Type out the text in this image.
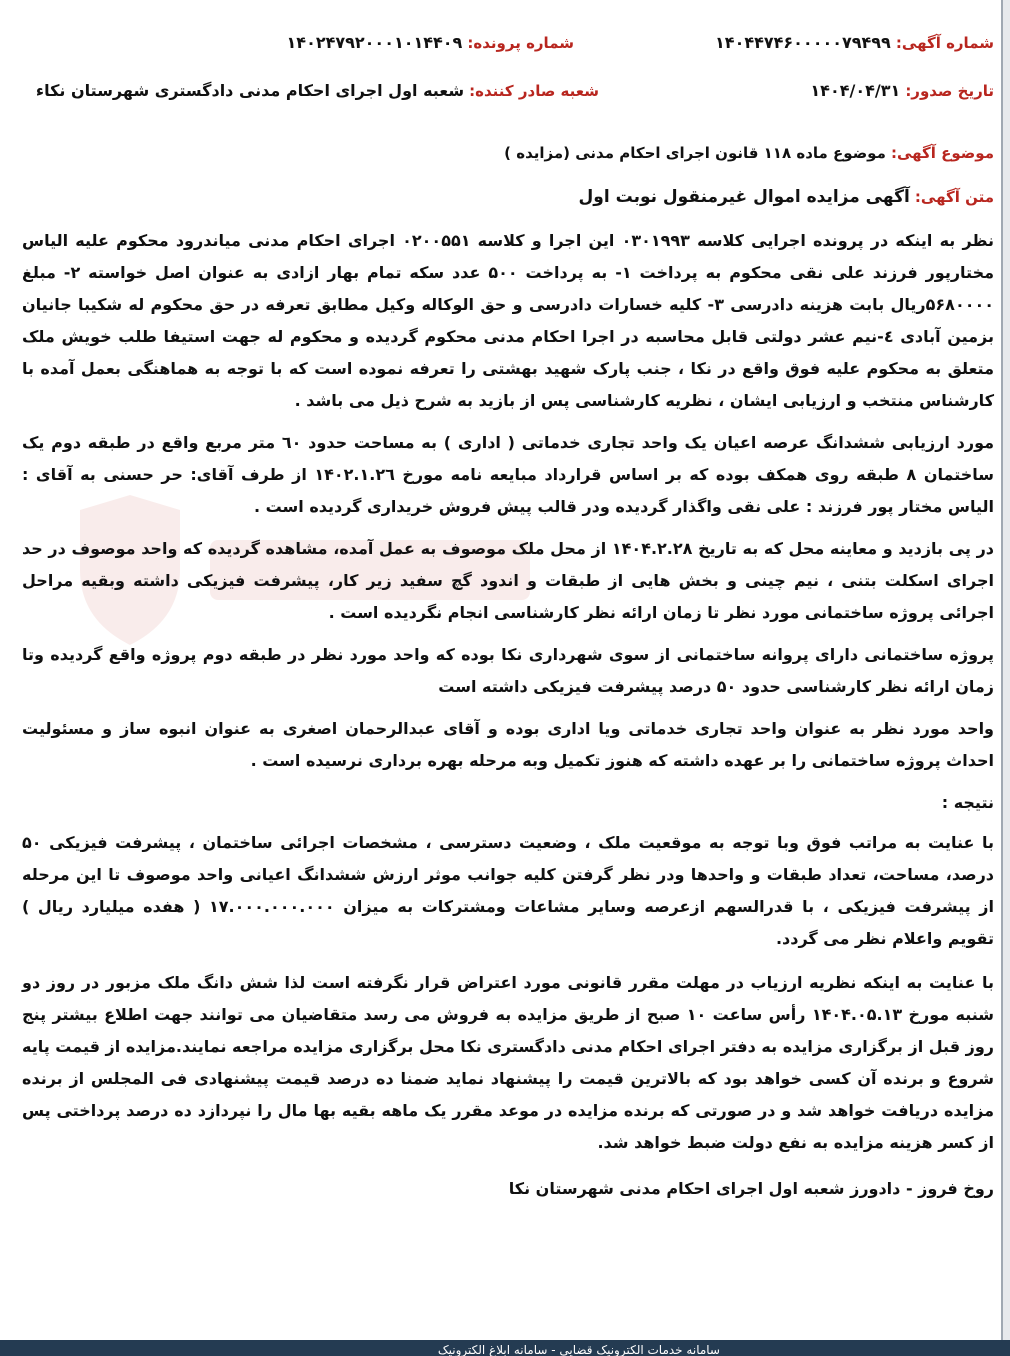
شماره آگهی: ۱۴۰۴۴۷۴۶۰۰۰۰۰۷۹۴۹۹
شماره پرونده: ۱۴۰۲۴۷۹۲۰۰۰۱۰۱۴۴۰۹
تاریخ صدور: ۱۴۰۴/۰۴/۳۱
شعبه صادر کننده: شعبه اول اجرای احکام مدنی دادگستری شهرستان نکاء
موضوع آگهی: موضوع ماده ۱۱۸ قانون اجرای احکام مدنی (مزایده )
متن آگهی: آگهی مزایده اموال غیرمنقول نوبت اول

نظر به اینکه در پرونده اجرایی کلاسه ۰۳۰۱۹۹۳ این اجرا و کلاسه ۰۲۰۰۵۵۱ اجرای احکام مدنی میاندرود محکوم علیه الیاس مختارپور فرزند علی نقی محکوم به پرداخت ۱- به پرداخت ۵۰۰ عدد سکه تمام بهار ازادی به عنوان اصل خواسته ۲- مبلغ ۵۶۸۰۰۰۰ریال بابت هزینه دادرسی ۳- کلیه خسارات دادرسی و حق الوکاله وکیل مطابق تعرفه در حق محکوم له شکیبا جانیان بزمین آبادی ٤-نیم عشر دولتی قابل محاسبه در اجرا احکام مدنی محکوم گردیده و محکوم له جهت استیفا طلب خویش ملک متعلق به محکوم علیه فوق واقع در نکا ، جنب پارک شهید بهشتی را تعرفه نموده است که با توجه به هماهنگی بعمل آمده با کارشناس منتخب و ارزیابی ایشان ، نظریه کارشناسی پس از بازید به شرح ذیل می باشد .

مورد ارزیابی ششدانگ عرصه اعیان یک واحد تجاری خدماتی ( اداری ) به مساحت حدود ٦۰ متر مربع واقع در طبقه دوم یک ساختمان ۸ طبقه روی همکف بوده که بر اساس قرارداد مبایعه نامه مورخ ۱۴۰۲.۱.۲٦ از طرف آقای: حر حسنی به آقای : الیاس مختار پور فرزند : علی نقی واگذار گردیده ودر قالب پیش فروش خریداری گردیده است .

در پی بازدید و معاینه محل که به تاریخ ۱۴۰۴.۲.۲۸ از محل ملک موصوف به عمل آمده، مشاهده گردیده که واحد موصوف در حد اجرای اسکلت بتنی ، نیم چینی و بخش هایی از طبقات و اندود گچ سفید زیر کار، پیشرفت فیزیکی داشته وبقیه مراحل اجرائی پروژه ساختمانی مورد نظر تا زمان ارائه نظر کارشناسی انجام نگردیده است .

پروژه ساختمانی دارای پروانه ساختمانی از سوی شهرداری نکا بوده که واحد مورد نظر در طبقه دوم پروژه واقع گردیده وتا زمان ارائه نظر کارشناسی حدود ۵۰ درصد پیشرفت فیزیکی داشته است

واحد مورد نظر به عنوان واحد تجاری خدماتی ویا اداری بوده و آقای عبدالرحمان اصغری به عنوان انبوه ساز و مسئولیت احداث پروژه ساختمانی را بر عهده داشته که هنوز تکمیل وبه مرحله بهره برداری نرسیده است .

نتیجه :

با عنایت به مراتب فوق وبا توجه به موقعیت ملک ، وضعیت دسترسی ، مشخصات اجرائی ساختمان ، پیشرفت فیزیکی ۵۰ درصد، مساحت، تعداد طبقات و واحدها ودر نظر گرفتن کلیه جوانب موثر ارزش ششدانگ اعیانی واحد موصوف تا این مرحله از پیشرفت فیزیکی ، با قدرالسهم ازعرصه وسایر مشاعات ومشترکات به میزان ۱۷.۰۰۰.۰۰۰.۰۰۰ ( هفده میلیارد ریال ) تقویم واعلام نظر می گردد.

با عنایت به اینکه نظریه ارزیاب در مهلت مقرر قانونی مورد اعتراض قرار نگرفته است لذا شش دانگ ملک مزبور در روز دو شنبه مورخ ۱۴۰۴.۰۵.۱۳ رأس ساعت ۱۰ صبح از طریق مزایده به فروش می رسد متقاضیان می توانند جهت اطلاع بیشتر پنج روز قبل از برگزاری مزایده به دفتر اجرای احکام مدنی دادگستری نکا محل برگزاری مزایده مراجعه نمایند.مزایده از قیمت پایه شروع و برنده آن کسی خواهد بود که بالاترین قیمت را پیشنهاد نماید ضمنا ده درصد قیمت پیشنهادی فی المجلس از برنده مزایده دریافت خواهد شد و در صورتی که برنده مزایده در موعد مقرر یک ماهه بقیه بها مال را نپردازد ده درصد پرداختی پس از کسر هزینه مزایده به نفع دولت ضبط خواهد شد.

روخ فروز - دادورز شعبه اول اجرای احکام مدنی شهرستان نکا

سامانه خدمات الکترونیک قضایی - سامانه ابلاغ الکترونیک
